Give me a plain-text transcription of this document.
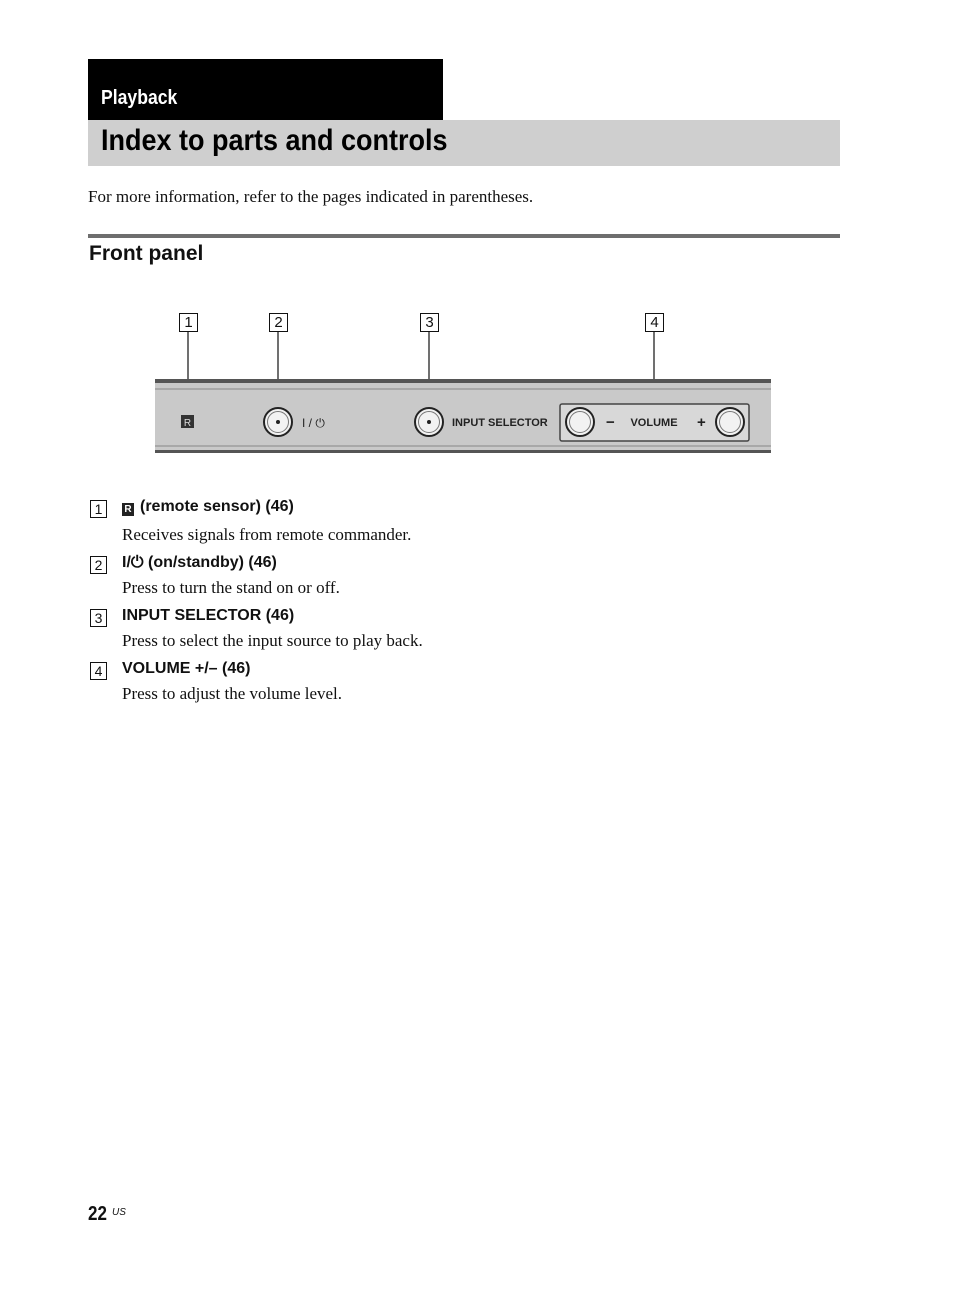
Playback
Index to parts and controls

For more information, refer to the pages indicated in parentheses.

Front panel
1	2	3	4
R	I / ⏻	INPUT SELECTOR	− VOLUME +
1	R (remote sensor) (46)
Receives signals from remote commander.
2 I/⏻ (on/standby) (46)
Press to turn the stand on or off.
3 INPUT SELECTOR (46)
Press to select the input source to play back.
4 VOLUME +/– (46)
Press to adjust the volume level.
22 US
